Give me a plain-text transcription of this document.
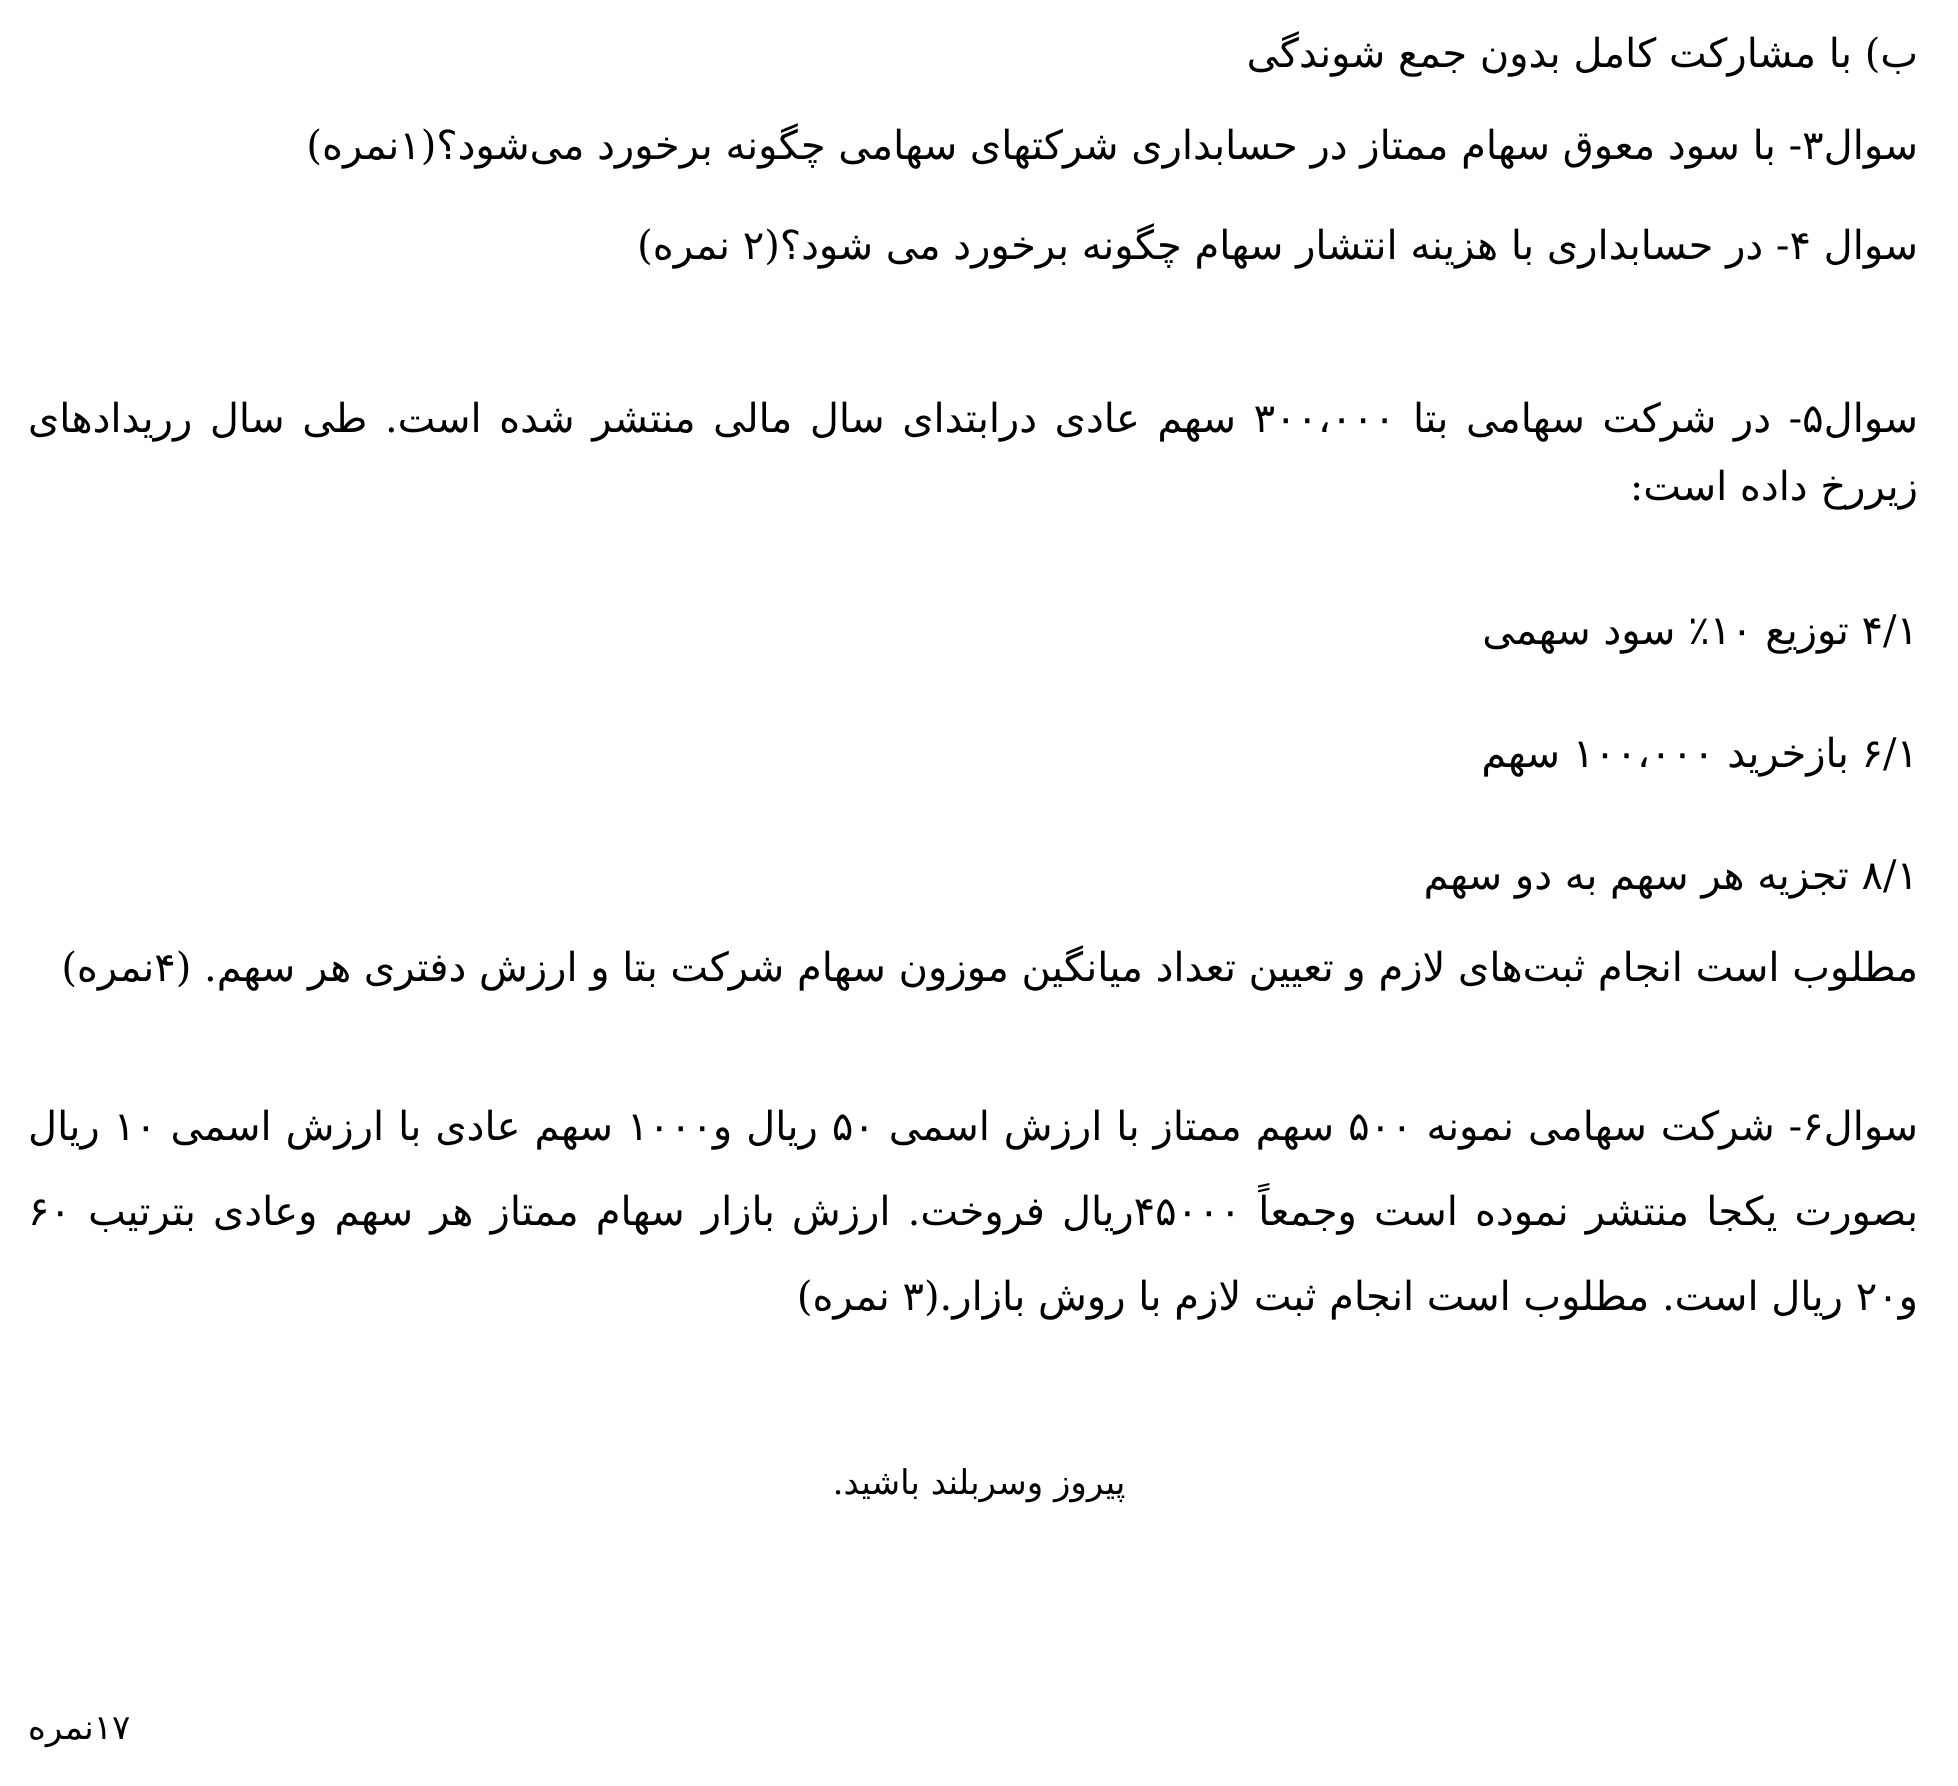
ب) با مشارکت کامل بدون جمع شوندگی
سوال۳- با سود معوق سهام ممتاز در حسابداری شرکتهای سهامی چگونه برخورد می‌شود؟(۱نمره)
سوال ۴- در حسابداری با هزینه انتشار سهام چگونه برخورد می شود؟(۲ نمره)
سوال۵- در شرکت سهامی بتا ۳۰۰،۰۰۰ سهم عادی درابتدای سال مالی منتشر شده است. طی سال رریدادهای زیررخ داده است:
۴/۱ توزیع ۱۰٪ سود سهمی
۶/۱ بازخرید ۱۰۰،۰۰۰ سهم
۸/۱ تجزیه هر سهم به دو سهم
مطلوب است انجام ثبت‌های لازم و تعیین تعداد میانگین موزون سهام شرکت بتا و ارزش دفتری هر سهم. (۴نمره)
سوال۶- شرکت سهامی نمونه ۵۰۰ سهم ممتاز با ارزش اسمی ۵۰ ریال و۱۰۰۰ سهم عادی با ارزش اسمی ۱۰ ریال بصورت یکجا منتشر نموده است وجمعاً ۴۵۰۰۰ریال فروخت. ارزش بازار سهام ممتاز هر سهم وعادی بترتیب ۶۰ و۲۰ ریال است. مطلوب است انجام ثبت لازم با روش بازار.(۳ نمره)
پیروز وسربلند باشید.
۱۷نمره
